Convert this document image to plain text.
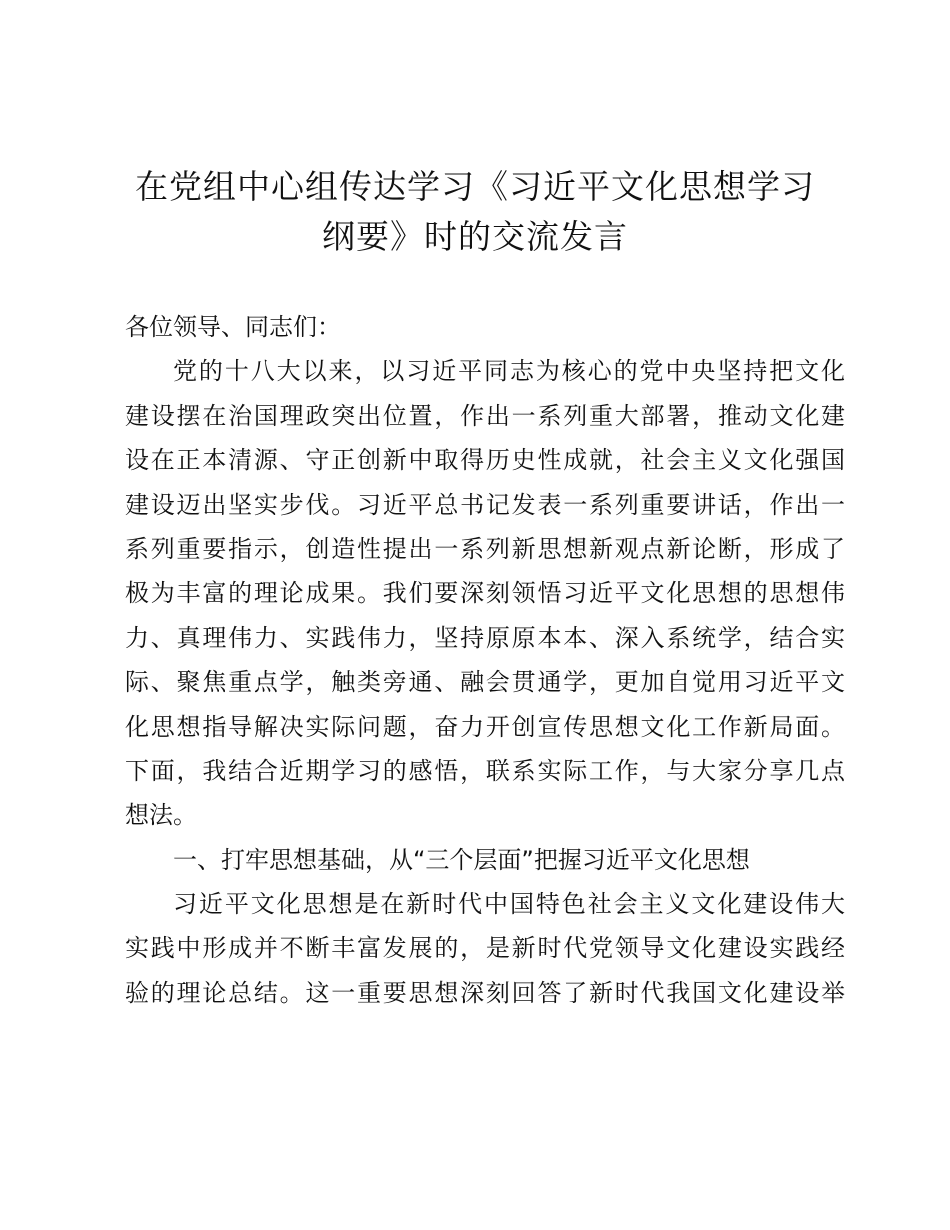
在党组中心组传达学习《习近平文化思想学习
纲要》时的交流发言
各位领导、同志们：
党的十八大以来，以习近平同志为核心的党中央坚持把文化
建设摆在治国理政突出位置，作出一系列重大部署，推动文化建
设在正本清源、守正创新中取得历史性成就，社会主义文化强国
建设迈出坚实步伐。习近平总书记发表一系列重要讲话，作出一
系列重要指示，创造性提出一系列新思想新观点新论断，形成了
极为丰富的理论成果。我们要深刻领悟习近平文化思想的思想伟
力、真理伟力、实践伟力，坚持原原本本、深入系统学，结合实
际、聚焦重点学，触类旁通、融会贯通学，更加自觉用习近平文
化思想指导解决实际问题，奋力开创宣传思想文化工作新局面。
下面，我结合近期学习的感悟，联系实际工作，与大家分享几点
想法。
一、打牢思想基础，从“三个层面”把握习近平文化思想
习近平文化思想是在新时代中国特色社会主义文化建设伟大
实践中形成并不断丰富发展的，是新时代党领导文化建设实践经
验的理论总结。这一重要思想深刻回答了新时代我国文化建设举
